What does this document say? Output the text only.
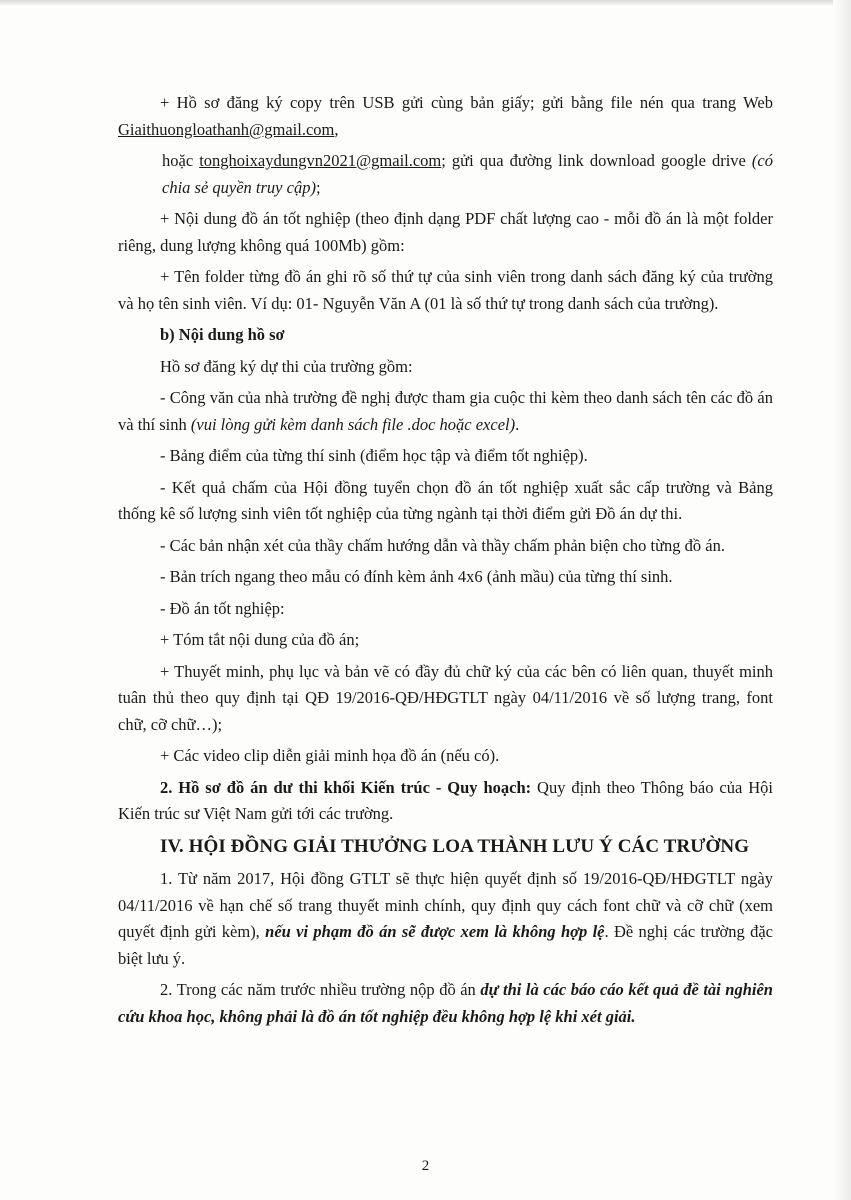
+ Hồ sơ đăng ký copy trên USB gửi cùng bản giấy; gửi bằng file nén qua trang Web Giaithuongloathanh@gmail.com,

hoặc tonghoixaydungvn2021@gmail.com; gửi qua đường link download google drive (có chia sẻ quyền truy cập);

+ Nội dung đồ án tốt nghiệp (theo định dạng PDF chất lượng cao - mỗi đồ án là một folder riêng, dung lượng không quá 100Mb) gồm:

+ Tên folder từng đồ án ghi rõ số thứ tự của sinh viên trong danh sách đăng ký của trường và họ tên sinh viên. Ví dụ: 01- Nguyễn Văn A (01 là số thứ tự trong danh sách của trường).

b) Nội dung hồ sơ

Hồ sơ đăng ký dự thi của trường gồm:

- Công văn của nhà trường đề nghị được tham gia cuộc thi kèm theo danh sách tên các đồ án và thí sinh (vui lòng gửi kèm danh sách file .doc hoặc excel).

- Bảng điểm của từng thí sinh (điểm học tập và điểm tốt nghiệp).

- Kết quả chấm của Hội đồng tuyển chọn đồ án tốt nghiệp xuất sắc cấp trường và Bảng thống kê số lượng sinh viên tốt nghiệp của từng ngành tại thời điểm gửi Đồ án dự thi.

- Các bản nhận xét của thầy chấm hướng dẫn và thầy chấm phản biện cho từng đồ án.

- Bản trích ngang theo mẫu có đính kèm ảnh 4x6 (ảnh mầu) của từng thí sinh.

- Đồ án tốt nghiệp:

+ Tóm tắt nội dung của đồ án;

+ Thuyết minh, phụ lục và bản vẽ có đầy đủ chữ ký của các bên có liên quan, thuyết minh tuân thủ theo quy định tại QĐ 19/2016-QĐ/HĐGTLT ngày 04/11/2016 về số lượng trang, font chữ, cỡ chữ…);

+ Các video clip diễn giải minh họa đồ án (nếu có).

2. Hồ sơ đồ án dư thi khối Kiến trúc - Quy hoạch: Quy định theo Thông báo của Hội Kiến trúc sư Việt Nam gửi tới các trường.

IV. HỘI ĐỒNG GIẢI THƯỞNG LOA THÀNH LƯU Ý CÁC TRƯỜNG

1. Từ năm 2017, Hội đồng GTLT sẽ thực hiện quyết định số 19/2016-QĐ/HĐGTLT ngày 04/11/2016 về hạn chế số trang thuyết minh chính, quy định quy cách font chữ và cỡ chữ (xem quyết định gửi kèm), nếu vi phạm đồ án sẽ được xem là không hợp lệ. Đề nghị các trường đặc biệt lưu ý.

2. Trong các năm trước nhiều trường nộp đồ án dự thi là các báo cáo kết quả đề tài nghiên cứu khoa học, không phải là đồ án tốt nghiệp đều không hợp lệ khi xét giải.

2
